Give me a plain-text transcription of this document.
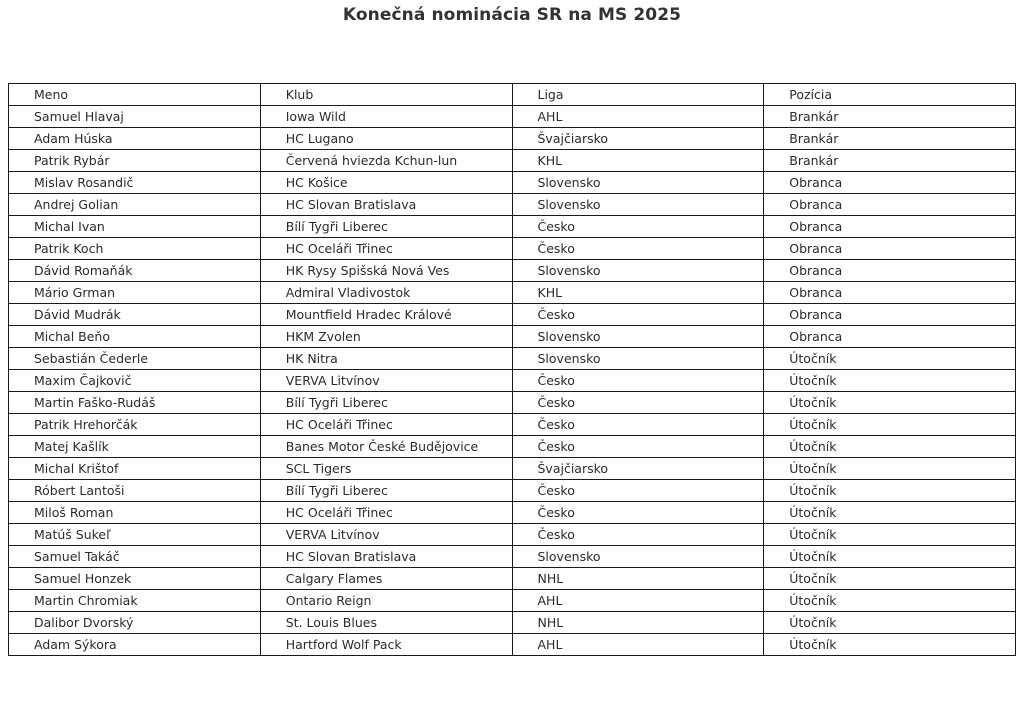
Konečná nominácia SR na MS 2025
Meno	Klub	Liga	Pozícia
Samuel Hlavaj	Iowa Wild	AHL	Brankár
Adam Húska	HC Lugano	Švajčiarsko	Brankár
Patrik Rybár	Červená hviezda Kchun-lun	KHL	Brankár
Mislav Rosandič	HC Košice	Slovensko	Obranca
Andrej Golian	HC Slovan Bratislava	Slovensko	Obranca
Michal Ivan	Bílí Tygři Liberec	Česko	Obranca
Patrik Koch	HC Oceláři Třinec	Česko	Obranca
Dávid Romaňák	HK Rysy Spišská Nová Ves	Slovensko	Obranca
Mário Grman	Admiral Vladivostok	KHL	Obranca
Dávid Mudrák	Mountfield Hradec Králové	Česko	Obranca
Michal Beňo	HKM Zvolen	Slovensko	Obranca
Sebastián Čederle	HK Nitra	Slovensko	Útočník
Maxim Čajkovič	VERVA Litvínov	Česko	Útočník
Martin Faško-Rudáš	Bílí Tygři Liberec	Česko	Útočník
Patrik Hrehorčák	HC Oceláři Třinec	Česko	Útočník
Matej Kašlík	Banes Motor České Budějovice	Česko	Útočník
Michal Krištof	SCL Tigers	Švajčiarsko	Útočník
Róbert Lantoši	Bílí Tygři Liberec	Česko	Útočník
Miloš Roman	HC Oceláři Třinec	Česko	Útočník
Matúš Sukeľ	VERVA Litvínov	Česko	Útočník
Samuel Takáč	HC Slovan Bratislava	Slovensko	Útočník
Samuel Honzek	Calgary Flames	NHL	Útočník
Martin Chromiak	Ontario Reign	AHL	Útočník
Dalibor Dvorský	St. Louis Blues	NHL	Útočník
Adam Sýkora	Hartford Wolf Pack	AHL	Útočník
